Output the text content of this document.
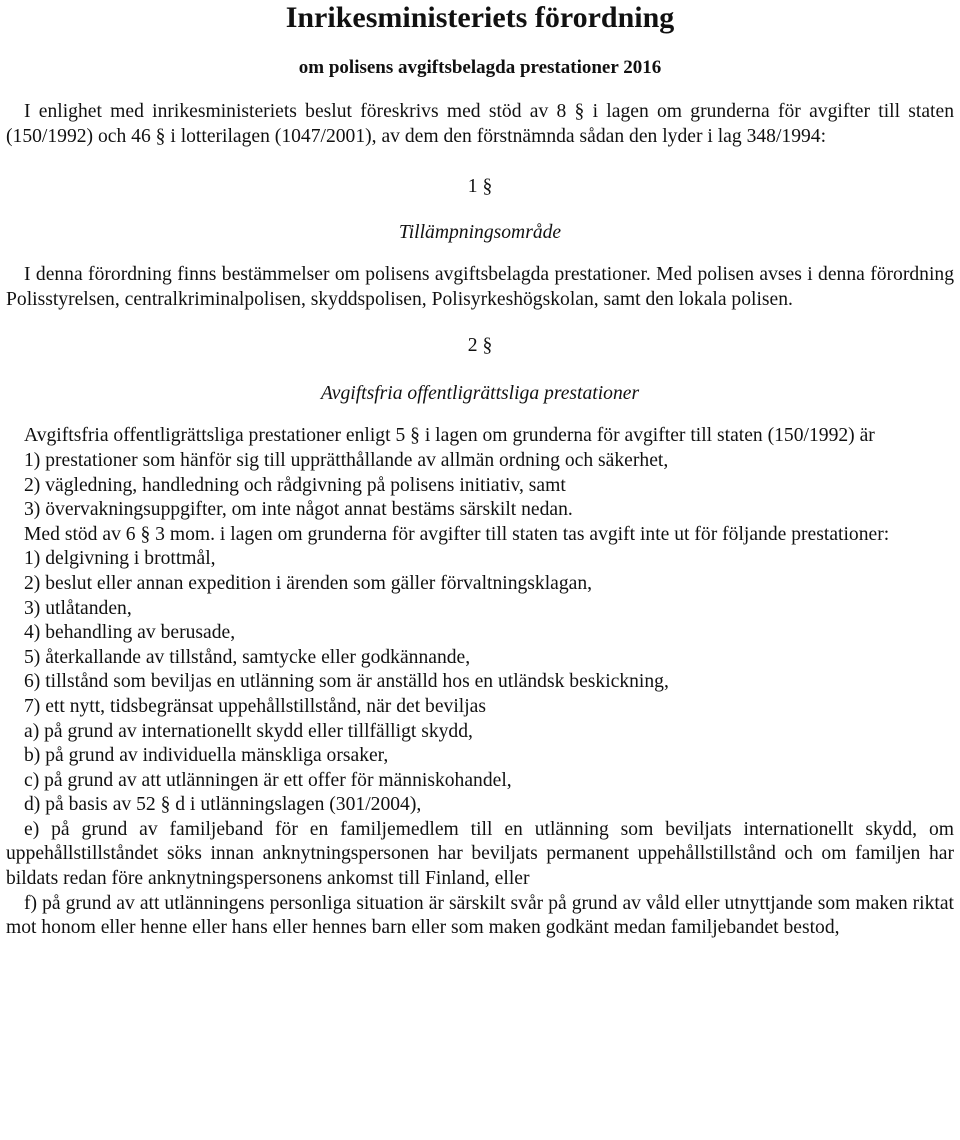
Inrikesministeriets förordning

om polisens avgiftsbelagda prestationer 2016

I enlighet med inrikesministeriets beslut föreskrivs med stöd av 8 § i lagen om grunderna för avgifter till staten (150/1992) och 46 § i lotterilagen (1047/2001), av dem den förstnämnda sådan den lyder i lag 348/1994:

1 §

Tillämpningsområde

I denna förordning finns bestämmelser om polisens avgiftsbelagda prestationer. Med polisen avses i denna förordning Polisstyrelsen, centralkriminalpolisen, skyddspolisen, Polisyrkeshögskolan, samt den lokala polisen.

2 §

Avgiftsfria offentligrättsliga prestationer

Avgiftsfria offentligrättsliga prestationer enligt 5 § i lagen om grunderna för avgifter till staten (150/1992) är

1) prestationer som hänför sig till upprätthållande av allmän ordning och säkerhet,

2) vägledning, handledning och rådgivning på polisens initiativ, samt

3) övervakningsuppgifter, om inte något annat bestäms särskilt nedan.

Med stöd av 6 § 3 mom. i lagen om grunderna för avgifter till staten tas avgift inte ut för följande prestationer:

1) delgivning i brottmål,

2) beslut eller annan expedition i ärenden som gäller förvaltningsklagan,

3) utlåtanden,

4) behandling av berusade,

5) återkallande av tillstånd, samtycke eller godkännande,

6) tillstånd som beviljas en utlänning som är anställd hos en utländsk beskickning,

7) ett nytt, tidsbegränsat uppehållstillstånd, när det beviljas

a) på grund av internationellt skydd eller tillfälligt skydd,

b) på grund av individuella mänskliga orsaker,

c) på grund av att utlänningen är ett offer för människohandel,

d) på basis av 52 § d i utlänningslagen (301/2004),

e) på grund av familjeband för en familjemedlem till en utlänning som beviljats internationellt skydd, om uppehållstillståndet söks innan anknytningspersonen har beviljats permanent uppehållstillstånd och om familjen har bildats redan före anknytningspersonens ankomst till Finland, eller

f) på grund av att utlänningens personliga situation är särskilt svår på grund av våld eller utnyttjande som maken riktat mot honom eller henne eller hans eller hennes barn eller som maken godkänt medan familjebandet bestod,
